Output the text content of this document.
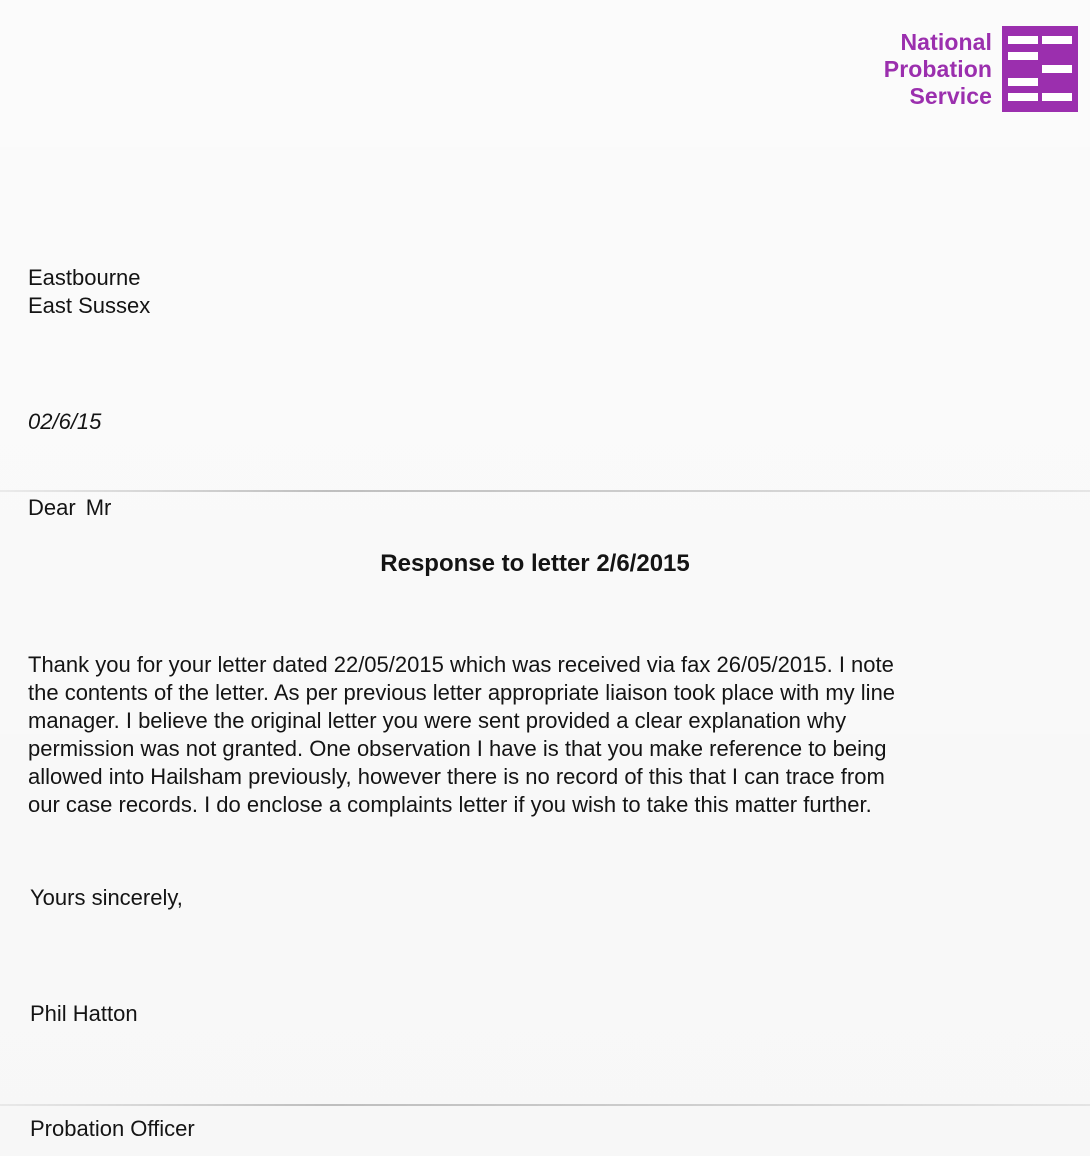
National
Probation
Service
Eastbourne
East Sussex
02/6/15
Dear Mr
Response to letter 2/6/2015
Thank you for your letter dated 22/05/2015 which was received via fax 26/05/2015. I note
the contents of the letter. As per previous letter appropriate liaison took place with my line
manager. I believe the original letter you were sent provided a clear explanation why
permission was not granted. One observation I have is that you make reference to being
allowed into Hailsham previously, however there is no record of this that I can trace from
our case records. I do enclose a complaints letter if you wish to take this matter further.
Yours sincerely,
Phil Hatton
Probation Officer
